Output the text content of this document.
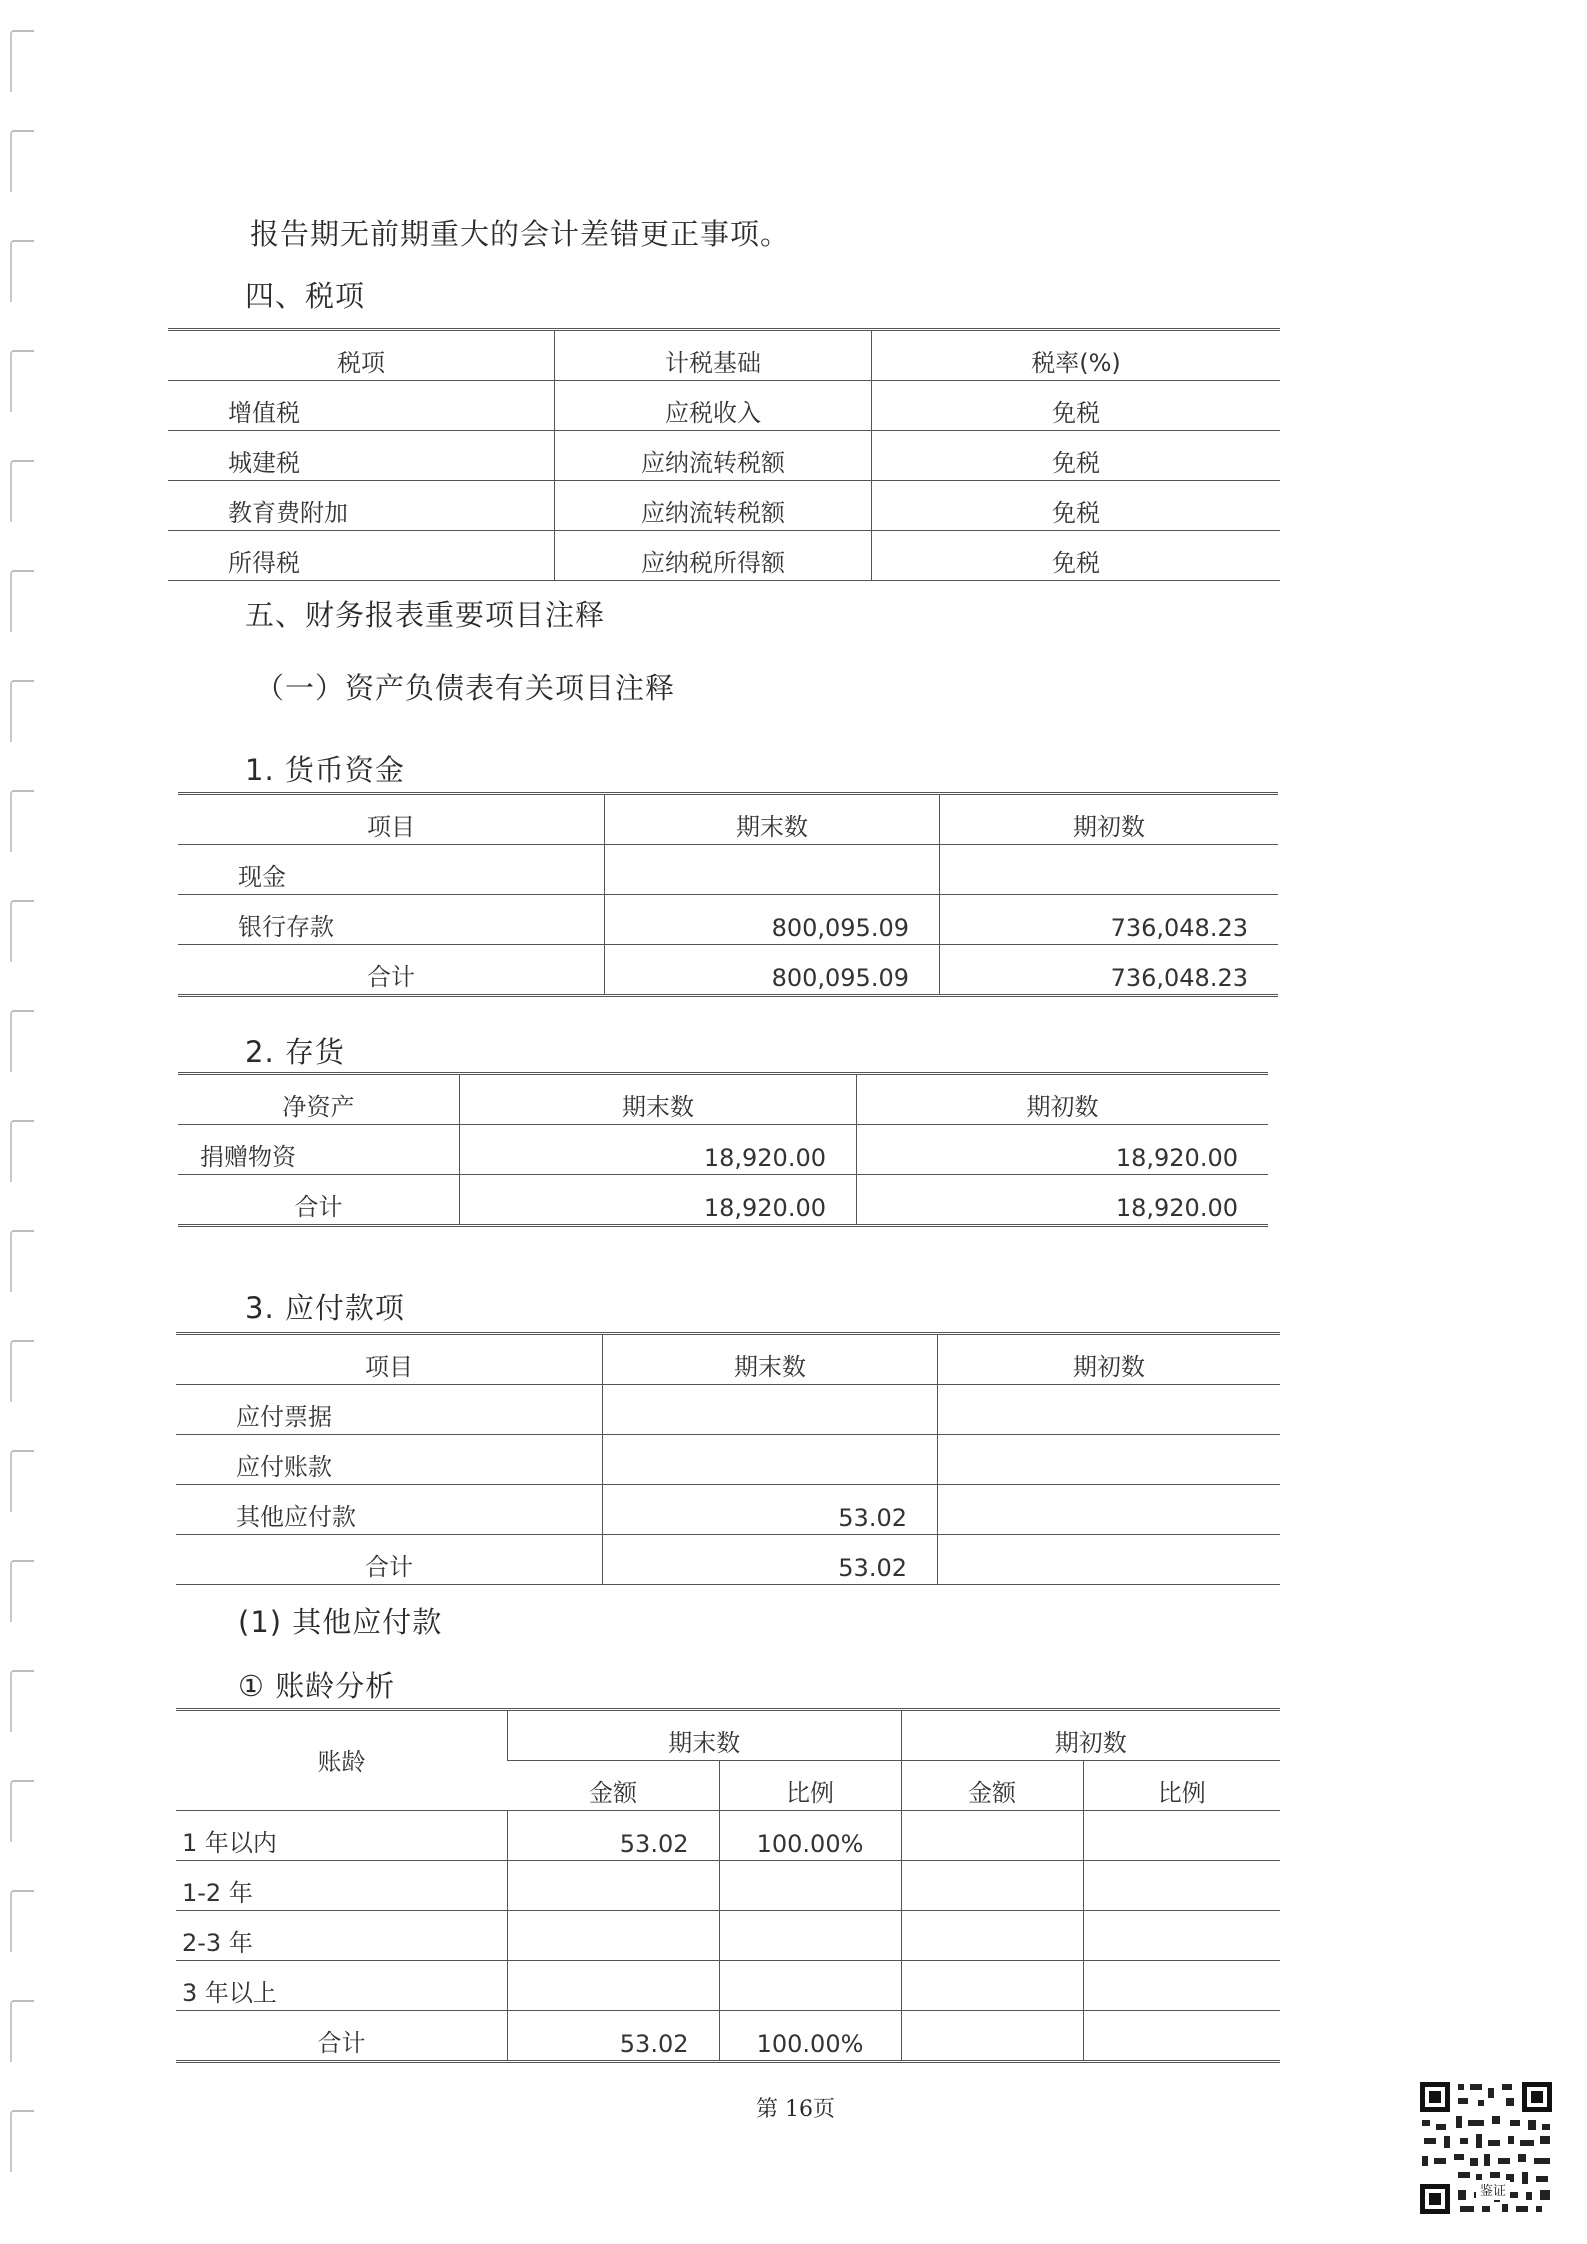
报告期无前期重大的会计差错更正事项。
四、税项
税项	计税基础	税率(%)
增值税	应税收入	免税
城建税	应纳流转税额	免税
教育费附加	应纳流转税额	免税
所得税	应纳税所得额	免税
五、财务报表重要项目注释
（一）资产负债表有关项目注释
1. 货币资金
项目	期末数	期初数
现金		
银行存款	800,095.09	736,048.23
合计	800,095.09	736,048.23
2. 存货
净资产	期末数	期初数
捐赠物资	18,920.00	18,920.00
合计	18,920.00	18,920.00
3. 应付款项
项目	期末数	期初数
应付票据		
应付账款		
其他应付款	53.02	
合计	53.02	
(1) 其他应付款
① 账龄分析
账龄	期末数		期初数	
	金额	比例	金额	比例
1 年以内	53.02	100.00%		
1-2 年				
2-3 年				
3 年以上				
合计	53.02	100.00%		
第 16页
鉴证
